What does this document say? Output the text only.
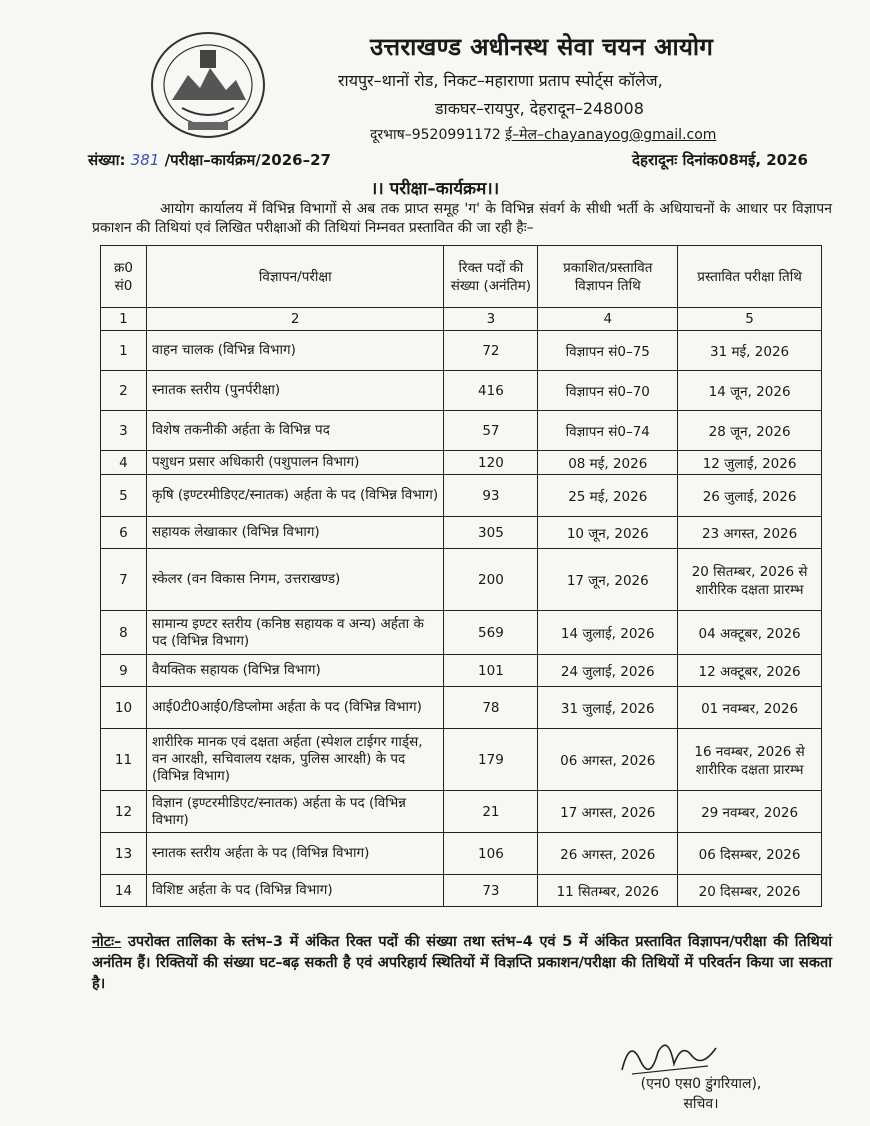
उत्तराखण्ड अधीनस्थ सेवा चयन आयोग
रायपुर–थानों रोड, निकट–महाराणा प्रताप स्पोर्ट्स कॉलेज,
डाकघर–रायपुर, देहरादून–248008
दूरभाष–9520991172 ई–मेल–chayanayog@gmail.com
संख्या: 381 /परीक्षा–कार्यक्रम/2026–27	देहरादूनः दिनांक08मई, 2026
।। परीक्षा–कार्यक्रम।।
आयोग कार्यालय में विभिन्न विभागों से अब तक प्राप्त समूह 'ग' के विभिन्न संवर्ग के सीधी भर्ती के अधियाचनों के आधार पर विज्ञापन प्रकाशन की तिथियां एवं लिखित परीक्षाओं की तिथियां निम्नवत प्रस्तावित की जा रही हैः–
क्र0 सं0	विज्ञापन/परीक्षा	रिक्त पदों की संख्या (अनंतिम)	प्रकाशित/प्रस्तावित विज्ञापन तिथि	प्रस्तावित परीक्षा तिथि
1	2	3	4	5
1	वाहन चालक (विभिन्न विभाग)	72	विज्ञापन सं0–75	31 मई, 2026
2	स्नातक स्तरीय (पुनर्परीक्षा)	416	विज्ञापन सं0–70	14 जून, 2026
3	विशेष तकनीकी अर्हता के विभिन्न पद	57	विज्ञापन सं0–74	28 जून, 2026
4	पशुधन प्रसार अधिकारी (पशुपालन विभाग)	120	08 मई, 2026	12 जुलाई, 2026
5	कृषि (इण्टरमीडिएट/स्नातक) अर्हता के पद (विभिन्न विभाग)	93	25 मई, 2026	26 जुलाई, 2026
6	सहायक लेखाकार (विभिन्न विभाग)	305	10 जून, 2026	23 अगस्त, 2026
7	स्केलर (वन विकास निगम, उत्तराखण्ड)	200	17 जून, 2026	20 सितम्बर, 2026 से शारीरिक दक्षता प्रारम्भ
8	सामान्य इण्टर स्तरीय (कनिष्ठ सहायक व अन्य) अर्हता के पद (विभिन्न विभाग)	569	14 जुलाई, 2026	04 अक्टूबर, 2026
9	वैयक्तिक सहायक (विभिन्न विभाग)	101	24 जुलाई, 2026	12 अक्टूबर, 2026
10	आई0टी0आई0/डिप्लोमा अर्हता के पद (विभिन्न विभाग)	78	31 जुलाई, 2026	01 नवम्बर, 2026
11	शारीरिक मानक एवं दक्षता अर्हता (स्पेशल टाईगर गार्ड्स, वन आरक्षी, सचिवालय रक्षक, पुलिस आरक्षी) के पद (विभिन्न विभाग)	179	06 अगस्त, 2026	16 नवम्बर, 2026 से शारीरिक दक्षता प्रारम्भ
12	विज्ञान (इण्टरमीडिएट/स्नातक) अर्हता के पद (विभिन्न विभाग)	21	17 अगस्त, 2026	29 नवम्बर, 2026
13	स्नातक स्तरीय अर्हता के पद (विभिन्न विभाग)	106	26 अगस्त, 2026	06 दिसम्बर, 2026
14	विशिष्ट अर्हता के पद (विभिन्न विभाग)	73	11 सितम्बर, 2026	20 दिसम्बर, 2026
नोटः– उपरोक्त तालिका के स्तंभ–3 में अंकित रिक्त पदों की संख्या तथा स्तंभ–4 एवं 5 में अंकित प्रस्तावित विज्ञापन/परीक्षा की तिथियां अनंतिम हैं। रिक्तियों की संख्या घट–बढ़ सकती है एवं अपरिहार्य स्थितियों में विज्ञप्ति प्रकाशन/परीक्षा की तिथियों में परिवर्तन किया जा सकता है।
(एन0 एस0 डुंगरियाल),
सचिव।
